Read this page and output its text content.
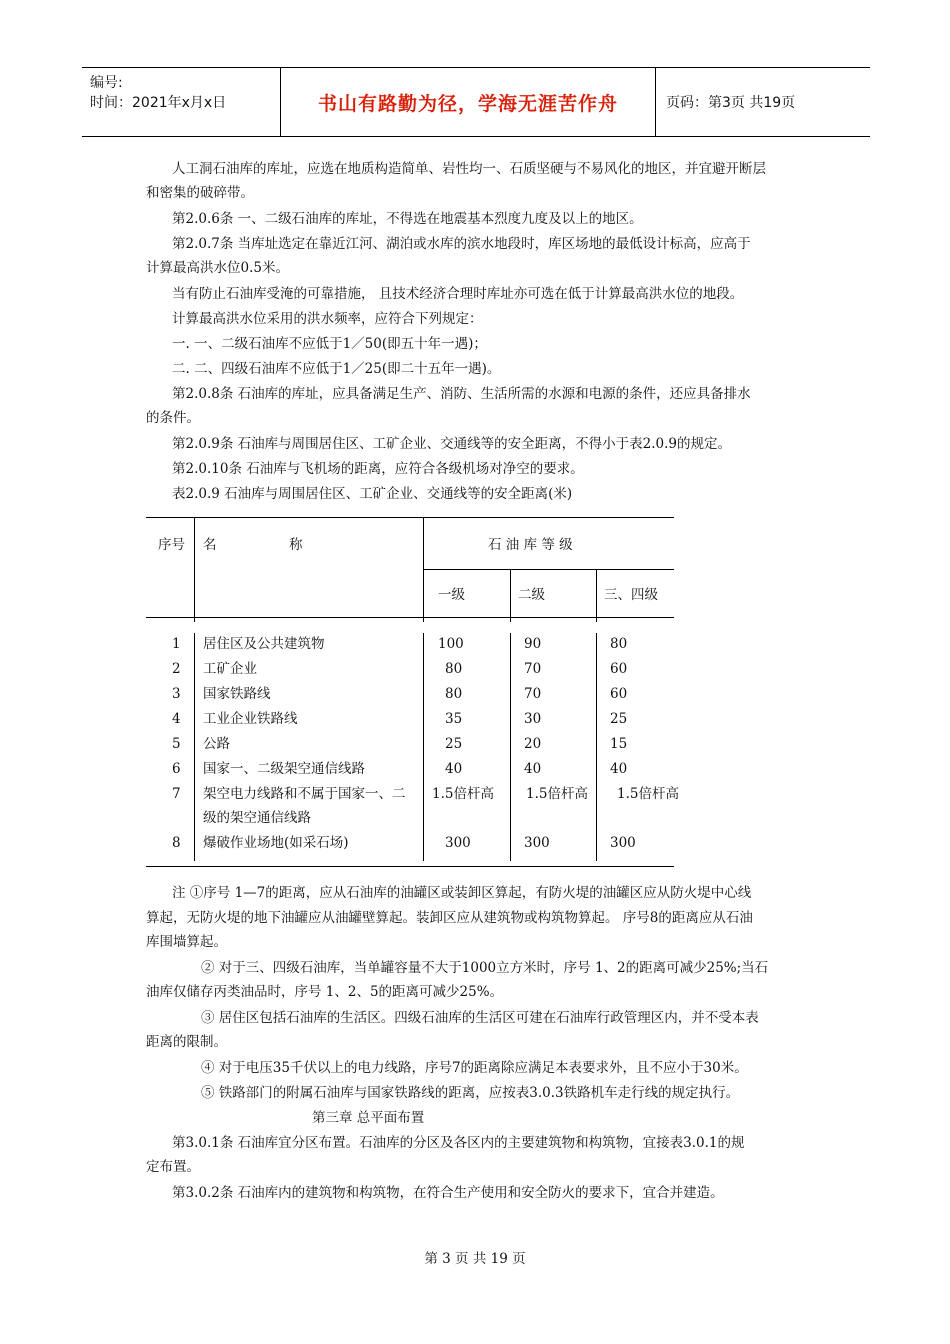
编号:
时间：2021年x月x日	书山有路勤为径，学海无涯苦作舟	页码：第3页 共19页
人工洞石油库的库址，应选在地质构造简单、岩性均一、石质坚硬与不易风化的地区，并宜避开断层
和密集的破碎带。
第2.0.6条 一、二级石油库的库址，不得选在地震基本烈度九度及以上的地区。
第2.0.7条 当库址选定在靠近江河、湖泊或水库的滨水地段时，库区场地的最低设计标高，应高于
计算最高洪水位0.5米。
当有防止石油库受淹的可靠措施， 且技术经济合理时库址亦可选在低于计算最高洪水位的地段。
计算最高洪水位采用的洪水频率，应符合下列规定：
一. 一、二级石油库不应低于1／50(即五十年一遇)；
二. 二、四级石油库不应低于1／25(即二十五年一遇)。
第2.0.8条 石油库的库址，应具备满足生产、消防、生活所需的水源和电源的条件，还应具备排水
的条件。
第2.0.9条 石油库与周围居住区、工矿企业、交通线等的安全距离，不得小于表2.0.9的规定。
第2.0.10条 石油库与飞机场的距离，应符合各级机场对净空的要求。
表2.0.9 石油库与周围居住区、工矿企业、交通线等的安全距离(米)
序号 名	称	石 油 库 等 级
一级	二级	三、四级
1 居住区及公共建筑物	100	90	80
2 工矿企业	80	70	60
3 国家铁路线	80	70	60
4 工业企业铁路线	35	30	25
5 公路	25	20	15
6 国家一、二级架空通信线路	40	40	40
7 架空电力线路和不属于国家一、二 1.5倍杆高 1.5倍杆高 1.5倍杆高
级的架空通信线路
8 爆破作业场地(如采石场)	300	300	300
注 ①序号 1—7的距离，应从石油库的油罐区或装卸区算起，有防火堤的油罐区应从防火堤中心线
算起，无防火堤的地下油罐应从油罐壁算起。装卸区应从建筑物或构筑物算起。 序号8的距离应从石油
库围墙算起。
② 对于三、四级石油库，当单罐容量不大于1000立方米时，序号 1、2的距离可减少25%;当石
油库仅储存丙类油品时，序号 1、2、5的距离可减少25%。
③ 居住区包括石油库的生活区。四级石油库的生活区可建在石油库行政管理区内，并不受本表
距离的限制。
④ 对于电压35千伏以上的电力线路，序号7的距离除应满足本表要求外，且不应小于30米。
⑤ 铁路部门的附属石油库与国家铁路线的距离，应按表3.0.3铁路机车走行线的规定执行。
第三章 总平面布置
第3.0.1条 石油库宜分区布置。石油库的分区及各区内的主要建筑物和构筑物，宜接表3.0.1的规
定布置。
第3.0.2条 石油库内的建筑物和构筑物，在符合生产使用和安全防火的要求下，宜合并建造。
第 3 页 共 19 页
